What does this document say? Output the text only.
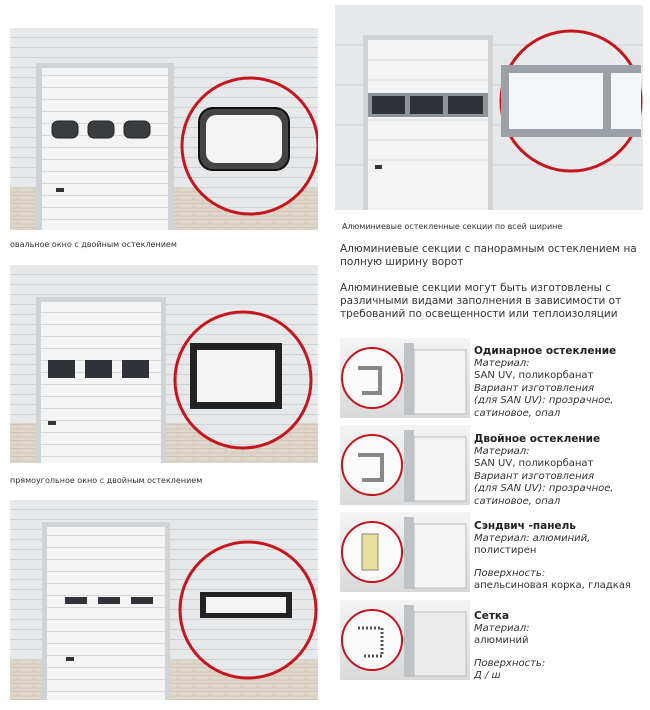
овальное окно с двойным остеклением
Алюминиевые остекленные секции по всей ширине
Алюминиевые секции с панорамным остеклением на полную ширину ворот
Алюминиевые секции могут быть изготовлены с различными видами заполнения в зависимости от требований по освещенности или теплоизоляции
прямоугольное окно с двойным остеклением
Одинарное остекление
Материал:
SAN UV, поликорбанат
Вариант изготовления
(для SAN UV): прозрачное,
сатиновое, опал
Двойное остекление
Материал:
SAN UV, поликорбанат
Вариант изготовления
(для SAN UV): прозрачное,
сатиновое, опал
Сэндвич -панель
Материал: алюминий,
полистирен
Поверхность:
апельсиновая корка, гладкая
Сетка
Материал:
алюминий
Поверхность:
Д / ш
